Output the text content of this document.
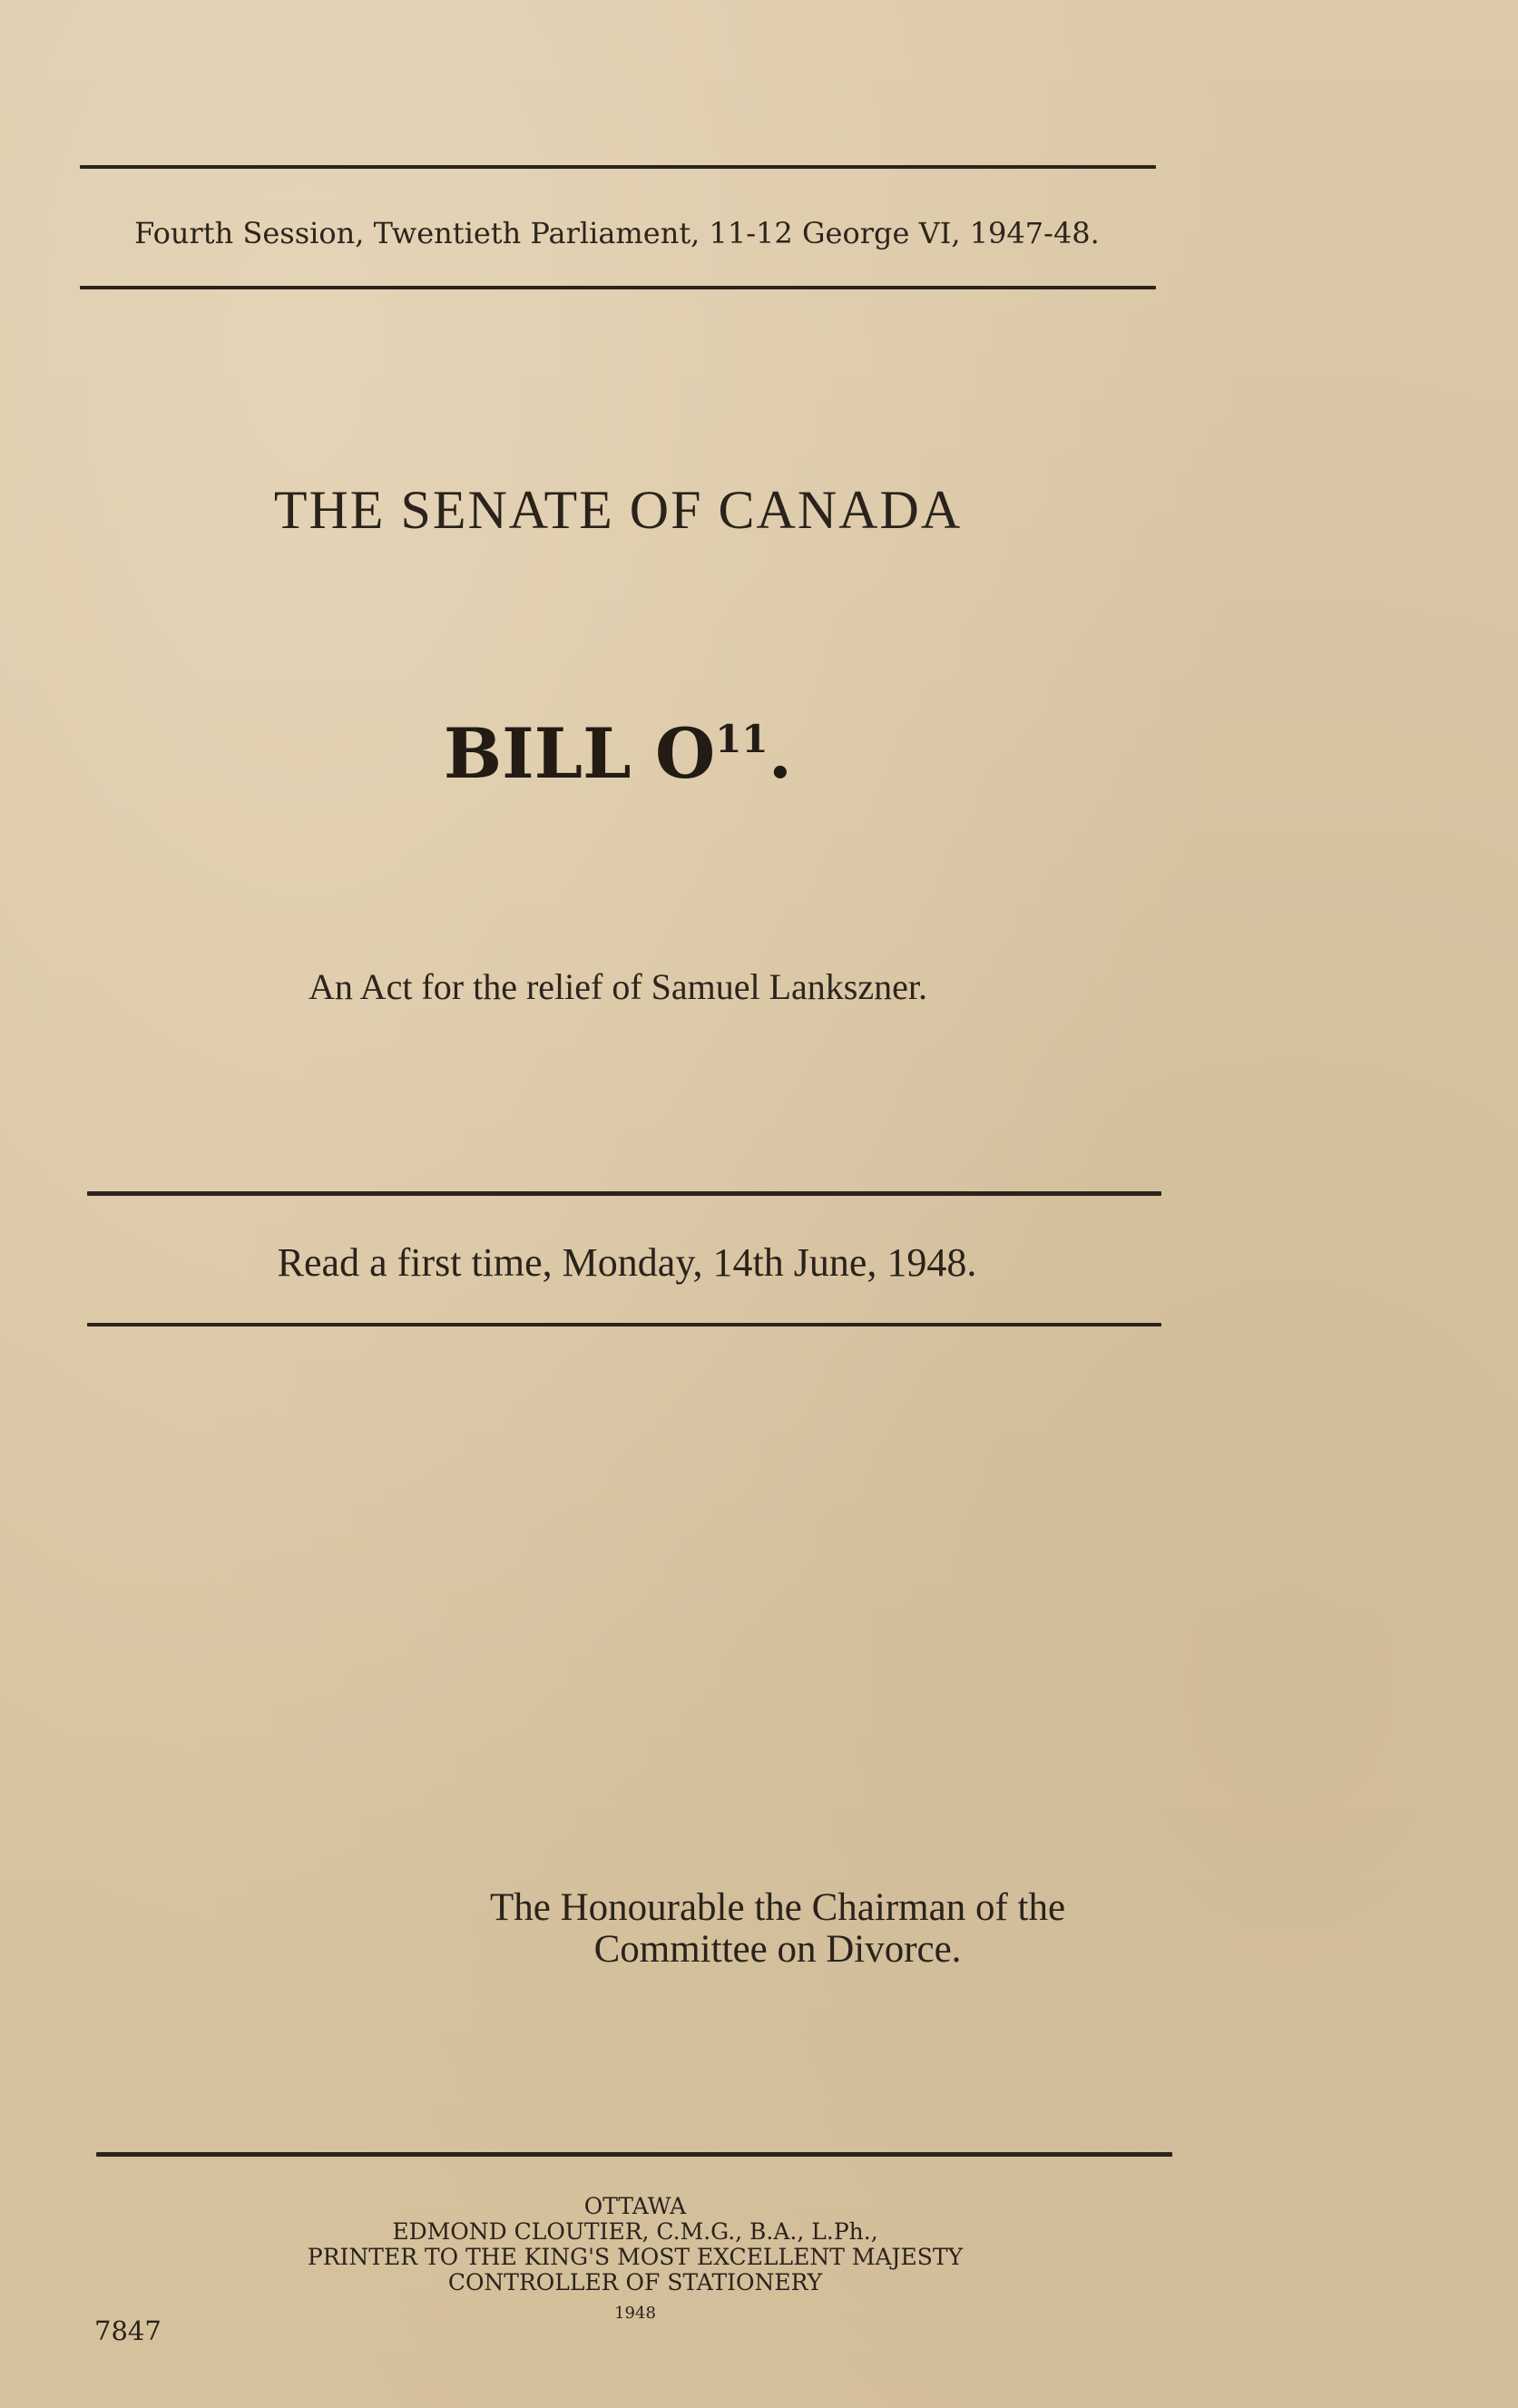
Fourth Session, Twentieth Parliament, 11-12 George VI, 1947-48.
THE SENATE OF CANADA
BILL $O^{11}$.
An Act for the relief of Samuel Lankszner.
Read a first time, Monday, 14th June, 1948.
The Honourable the Chairman of the
Committee on Divorce.
OTTAWA
EDMOND CLOUTIER, C.M.G., B.A., L.Ph.,
PRINTER TO THE KING'S MOST EXCELLENT MAJESTY
CONTROLLER OF STATIONERY
1948
7847
